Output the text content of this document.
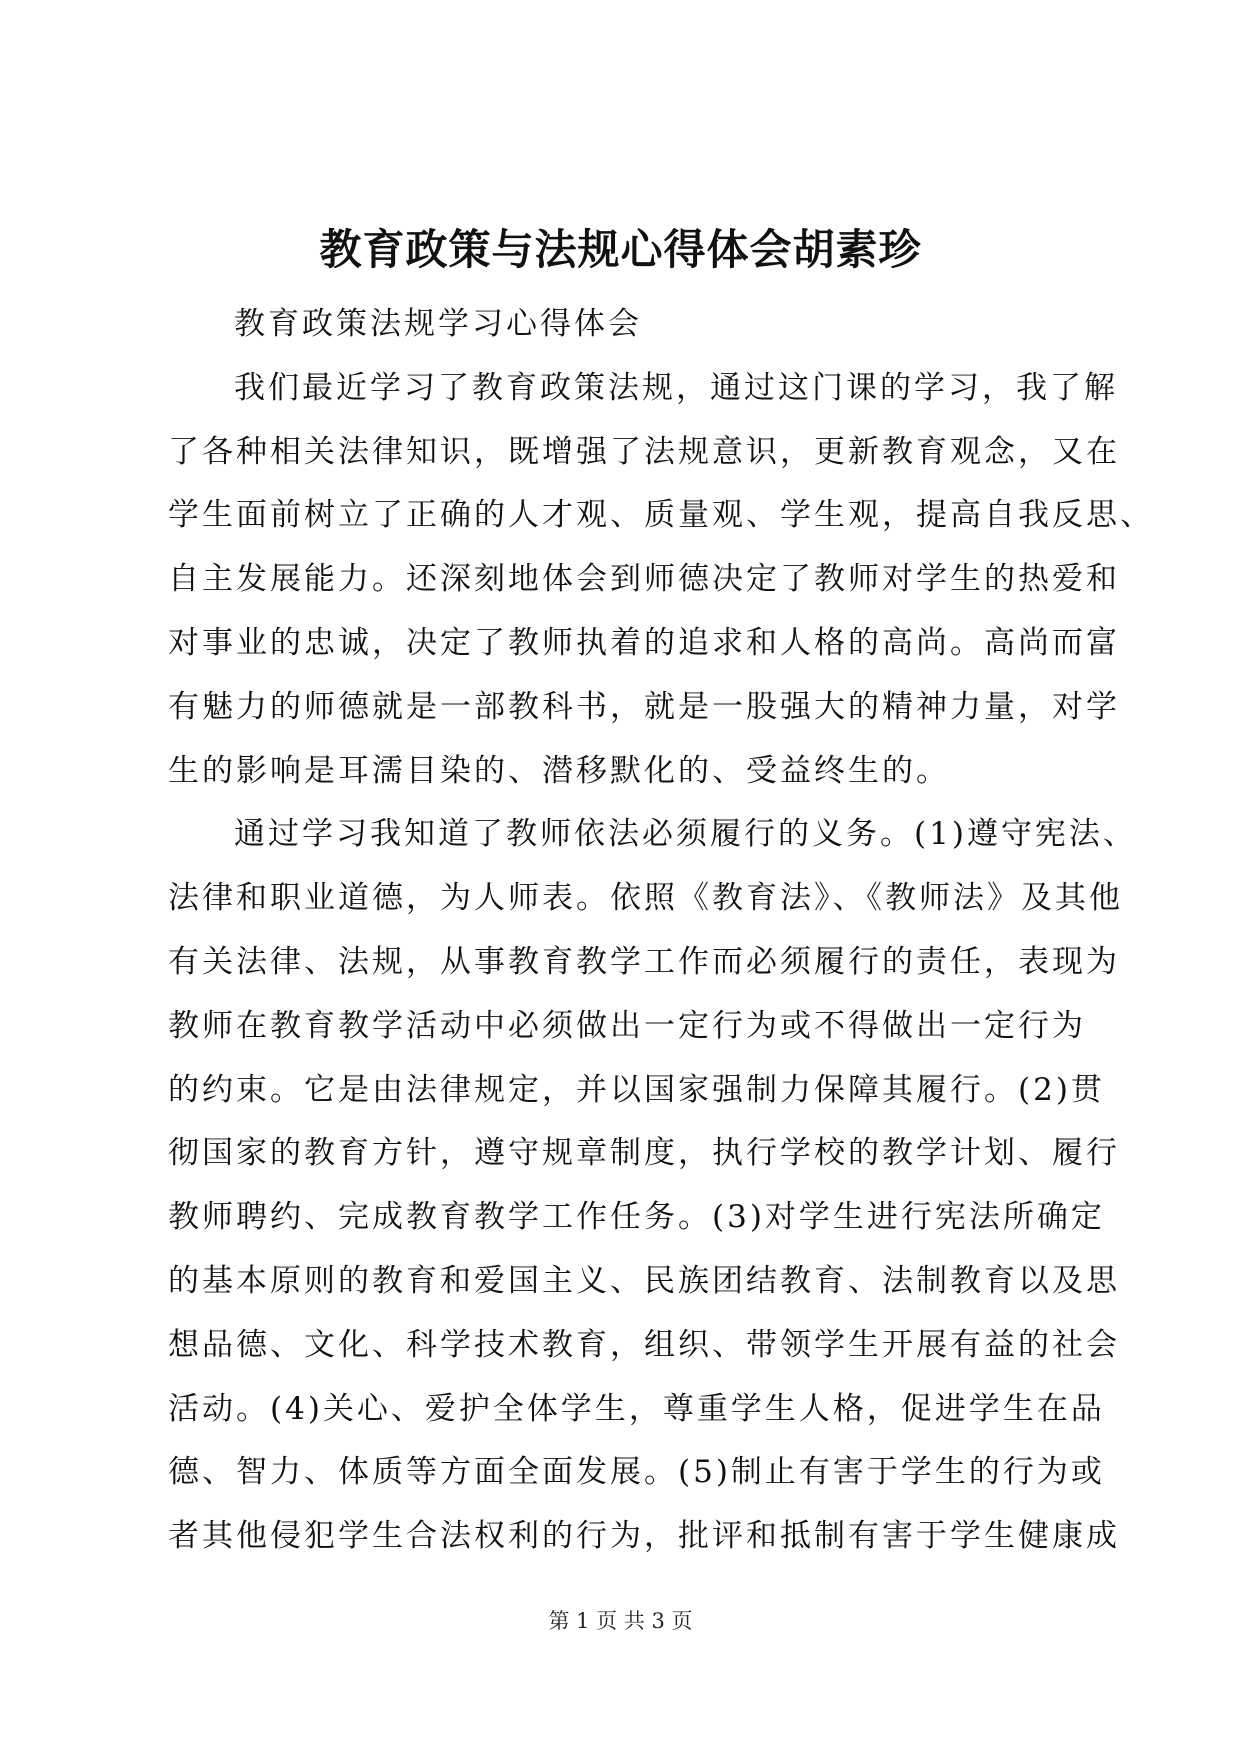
教育政策与法规心得体会胡素珍
教育政策法规学习心得体会
我们最近学习了教育政策法规，通过这门课的学习，我了解
了各种相关法律知识，既增强了法规意识，更新教育观念，又在
学生面前树立了正确的人才观、质量观、学生观，提高自我反思、
自主发展能力。还深刻地体会到师德决定了教师对学生的热爱和
对事业的忠诚，决定了教师执着的追求和人格的高尚。高尚而富
有魅力的师德就是一部教科书，就是一股强大的精神力量，对学
生的影响是耳濡目染的、潜移默化的、受益终生的。
通过学习我知道了教师依法必须履行的义务。(1)遵守宪法、
法律和职业道德，为人师表。依照《教育法》、《教师法》及其他
有关法律、法规，从事教育教学工作而必须履行的责任，表现为
教师在教育教学活动中必须做出一定行为或不得做出一定行为
的约束。它是由法律规定，并以国家强制力保障其履行。(2)贯
彻国家的教育方针，遵守规章制度，执行学校的教学计划、履行
教师聘约、完成教育教学工作任务。(3)对学生进行宪法所确定
的基本原则的教育和爱国主义、民族团结教育、法制教育以及思
想品德、文化、科学技术教育，组织、带领学生开展有益的社会
活动。(4)关心、爱护全体学生，尊重学生人格，促进学生在品
德、智力、体质等方面全面发展。(5)制止有害于学生的行为或
者其他侵犯学生合法权利的行为，批评和抵制有害于学生健康成
第 1 页 共 3 页
